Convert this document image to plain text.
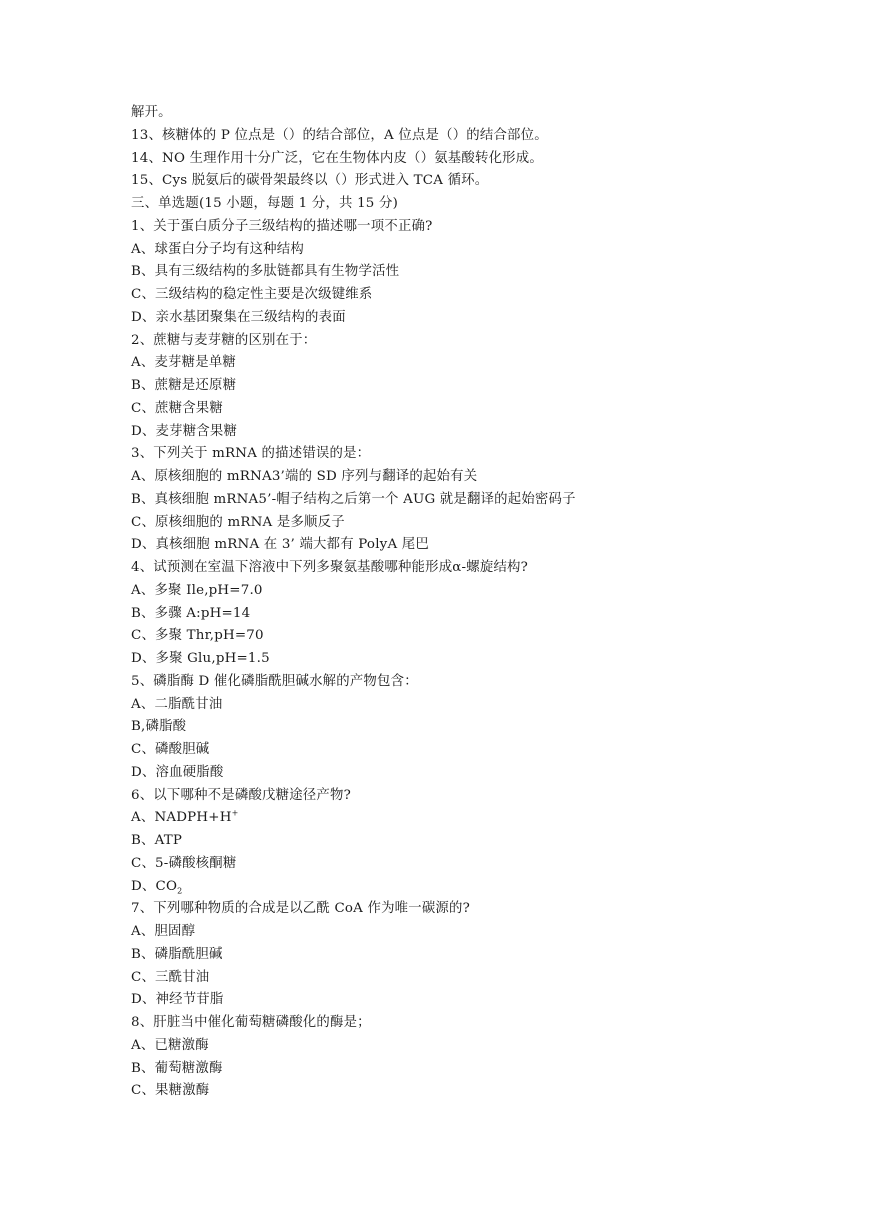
解开。
13、核糖体的 P 位点是（）的结合部位，A 位点是（）的结合部位。
14、NO 生理作用十分广泛，它在生物体内皮（）氨基酸转化形成。
15、Cys 脱氨后的碳骨架最终以（）形式进入 TCA 循环。
三、单选题(15 小题，每题 1 分，共 15 分)
1、关于蛋白质分子三级结构的描述哪一项不正确?
A、球蛋白分子均有这种结构
B、具有三级结构的多肽链都具有生物学活性
C、三级结构的稳定性主要是次级键维系
D、亲水基团聚集在三级结构的表面
2、蔗糖与麦芽糖的区别在于：
A、麦芽糖是单糖
B、蔗糖是还原糖
C、蔗糖含果糖
D、麦芽糖含果糖
3、下列关于 mRNA 的描述错误的是：
A、原核细胞的 mRNA3’端的 SD 序列与翻译的起始有关
B、真核细胞 mRNA5’-帽子结构之后第一个 AUG 就是翻译的起始密码子
C、原核细胞的 mRNA 是多顺反子
D、真核细胞 mRNA 在 3’ 端大都有 PolyA 尾巴
4、试预测在室温下溶液中下列多聚氨基酸哪种能形成α-螺旋结构?
A、多聚 Ile,pH=7.0
B、多骤 A:pH=14
C、多聚 Thr,pH=70
D、多聚 Glu,pH=1.5
5、磷脂酶 D 催化磷脂酰胆碱水解的产物包含：
A、二脂酰甘油
B,磷脂酸
C、磷酸胆碱
D、溶血硬脂酸
6、以下哪种不是磷酸戊糖途径产物?
A、NADPH+H+
B、ATP
C、5-磷酸核酮糖
D、$CO_2$
7、下列哪种物质的合成是以乙酰 CoA 作为唯一碳源的?
A、胆固醇
B、磷脂酰胆碱
C、三酰甘油
D、神经节苷脂
8、肝脏当中催化葡萄糖磷酸化的酶是；
A、已糖激酶
B、葡萄糖激酶
C、果糖激酶
